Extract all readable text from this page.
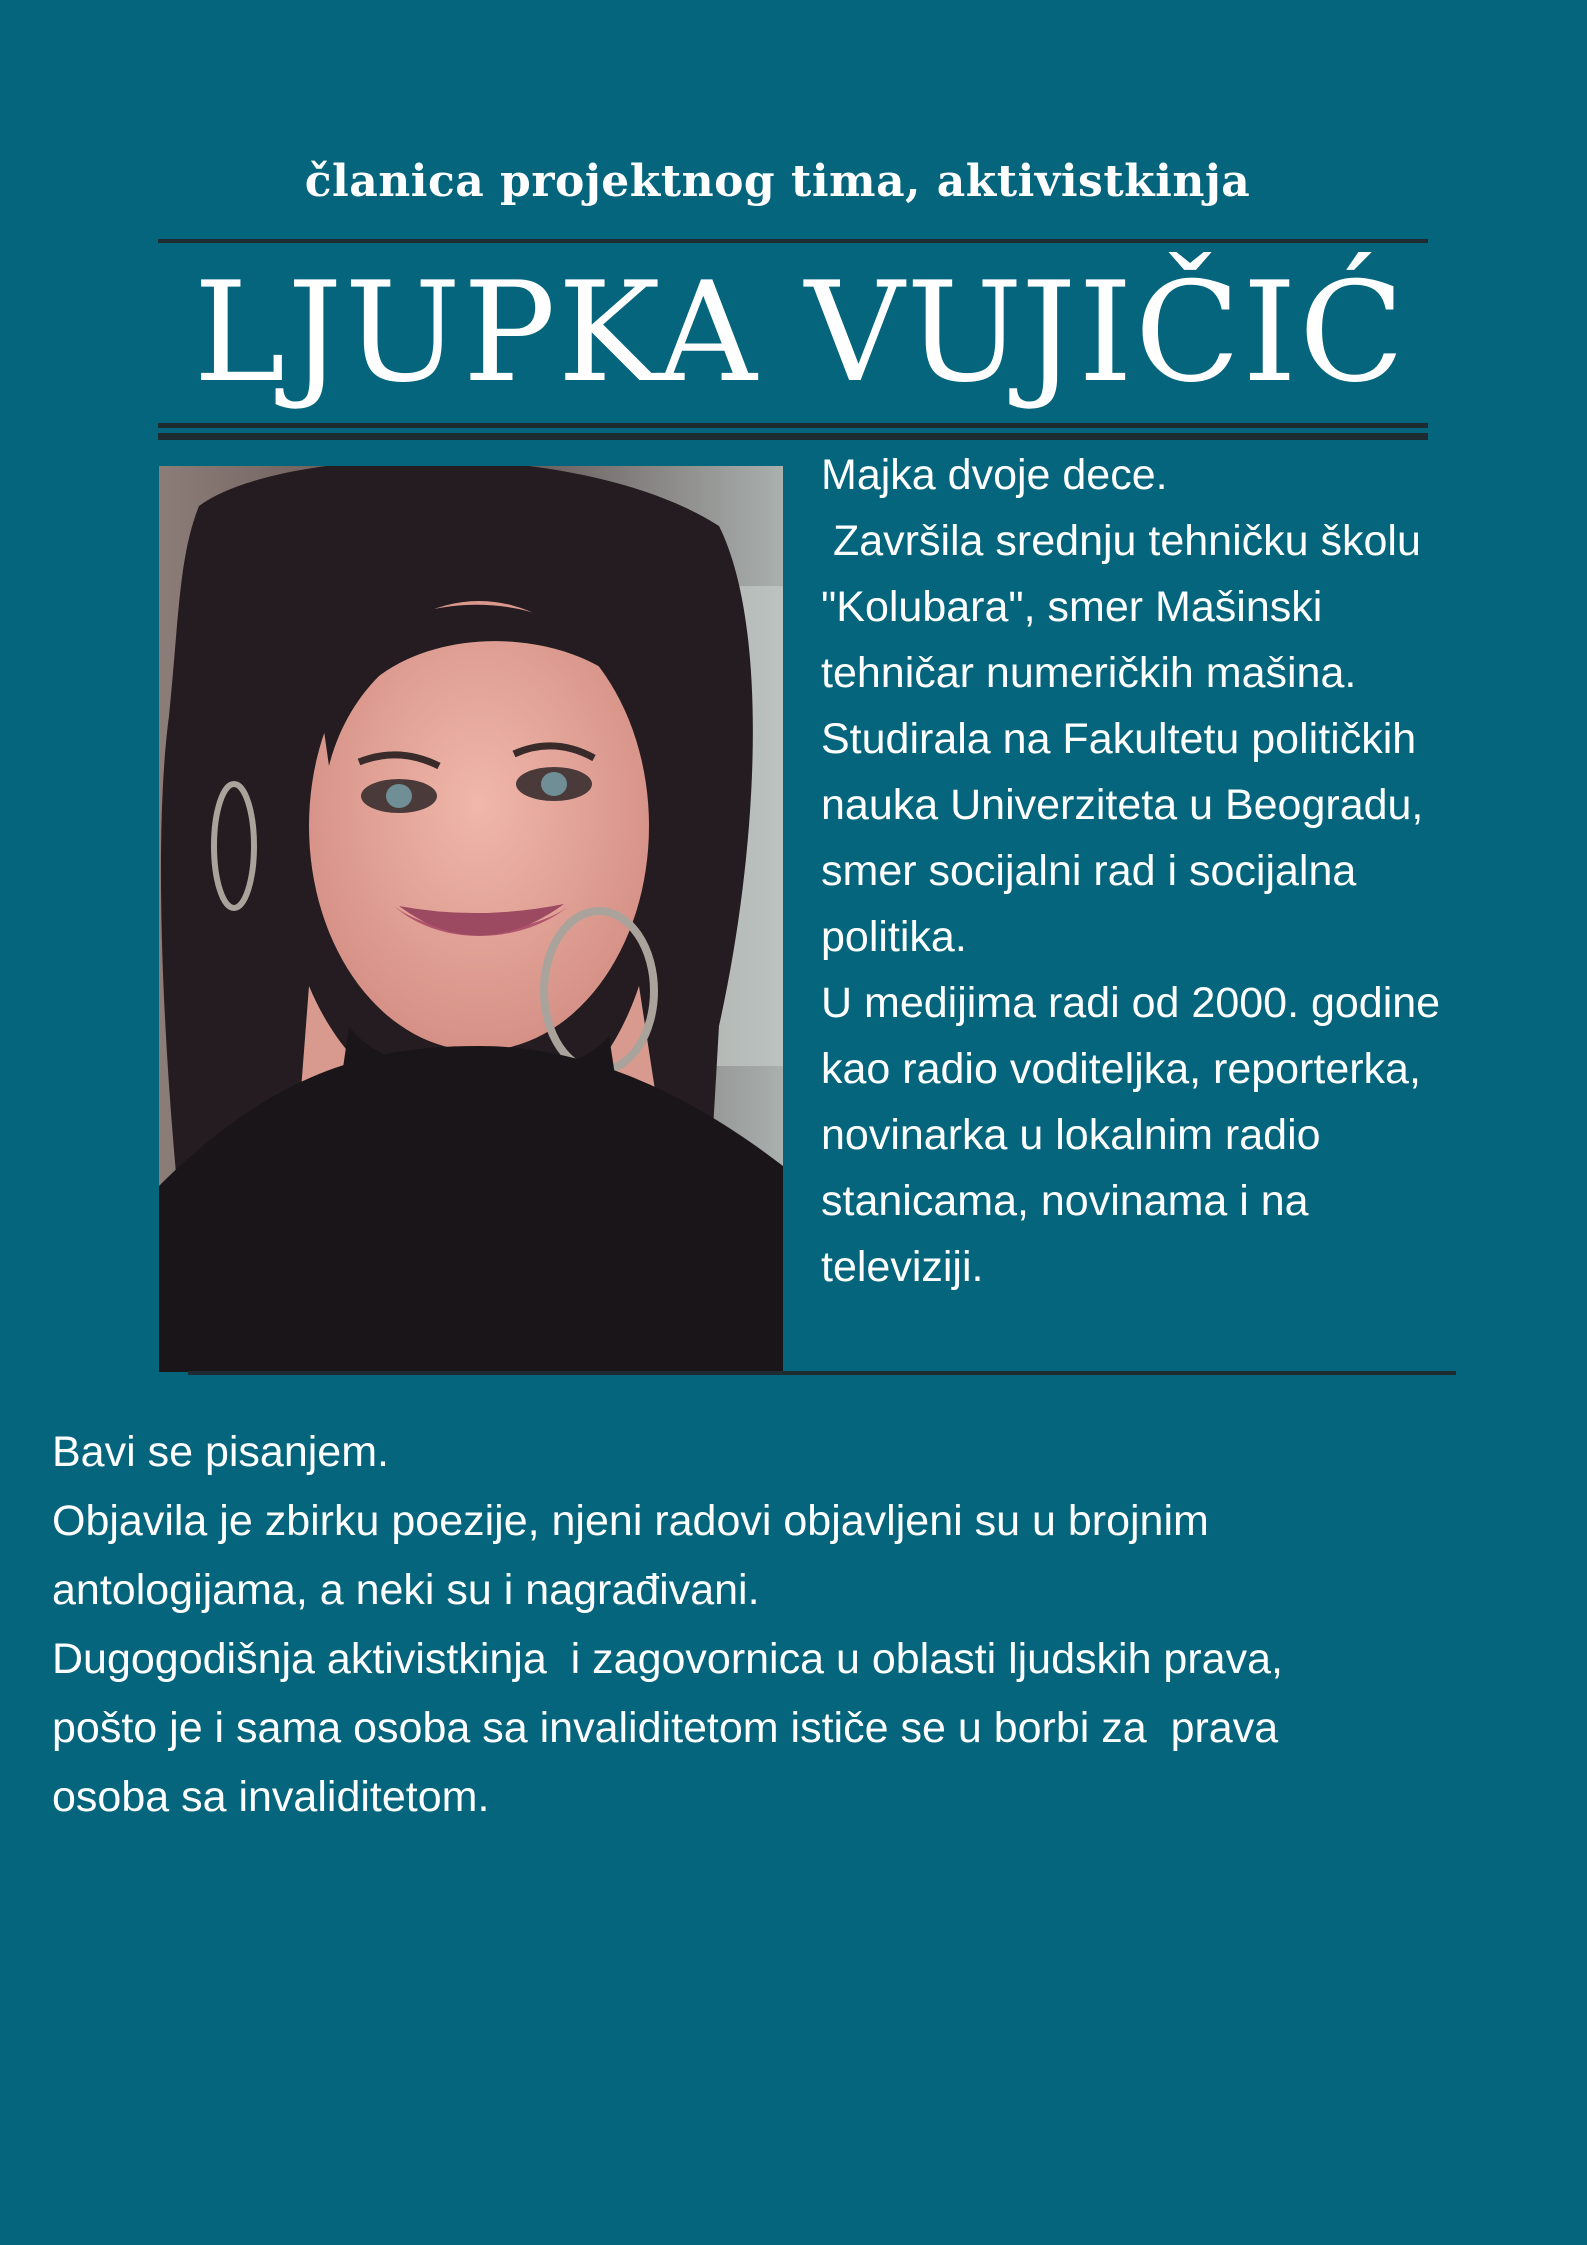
članica projektnog tima, aktivistkinja
LJUPKA VUJIČIĆ
Majka dvoje dece.
Završila srednju tehničku školu
"Kolubara", smer Mašinski
tehničar numeričkih mašina.
Studirala na Fakultetu političkih
nauka Univerziteta u Beogradu,
smer socijalni rad i socijalna
politika.
U medijima radi od 2000. godine
kao radio voditeljka, reporterka,
novinarka u lokalnim radio
stanicama, novinama i na
televiziji.
Bavi se pisanjem.
Objavila je zbirku poezije, njeni radovi objavljeni su u brojnim
antologijama, a neki su i nagrađivani.
Dugogodišnja aktivistkinja  i zagovornica u oblasti ljudskih prava,
pošto je i sama osoba sa invaliditetom ističe se u borbi za  prava
osoba sa invaliditetom.
